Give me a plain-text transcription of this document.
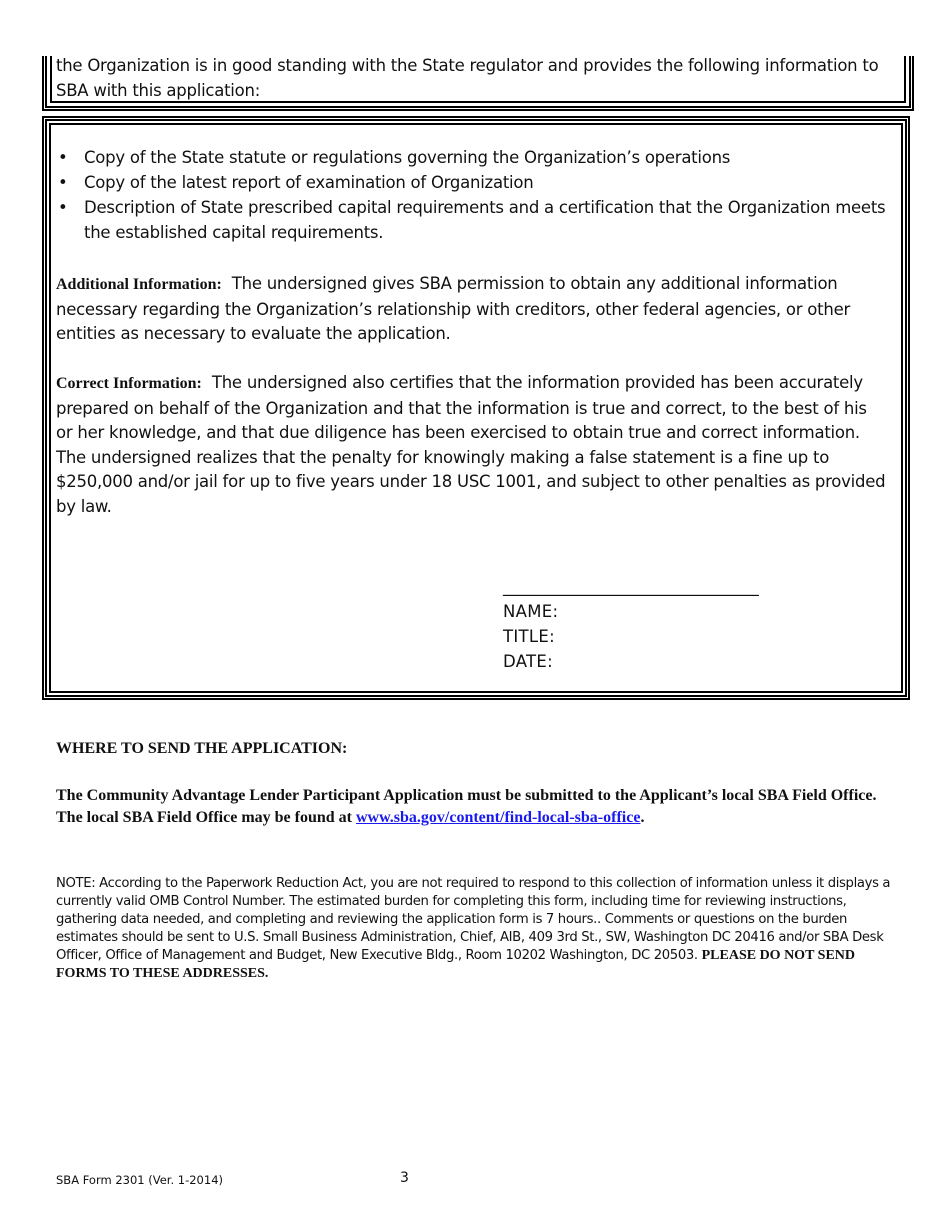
the Organization is in good standing with the State regulator and provides the following information to SBA with this application:
• Copy of the State statute or regulations governing the Organization’s operations
• Copy of the latest report of examination of Organization
• Description of State prescribed capital requirements and a certification that the Organization meets the established capital requirements.
Additional Information: The undersigned gives SBA permission to obtain any additional information necessary regarding the Organization’s relationship with creditors, other federal agencies, or other entities as necessary to evaluate the application.
Correct Information: The undersigned also certifies that the information provided has been accurately prepared on behalf of the Organization and that the information is true and correct, to the best of his or her knowledge, and that due diligence has been exercised to obtain true and correct information. The undersigned realizes that the penalty for knowingly making a false statement is a fine up to $250,000 and/or jail for up to five years under 18 USC 1001, and subject to other penalties as provided by law.
_______________________________
NAME:
TITLE:
DATE:
WHERE TO SEND THE APPLICATION:
The Community Advantage Lender Participant Application must be submitted to the Applicant’s local SBA Field Office. The local SBA Field Office may be found at www.sba.gov/content/find-local-sba-office.
NOTE: According to the Paperwork Reduction Act, you are not required to respond to this collection of information unless it displays a currently valid OMB Control Number. The estimated burden for completing this form, including time for reviewing instructions, gathering data needed, and completing and reviewing the application form is 7 hours.. Comments or questions on the burden estimates should be sent to U.S. Small Business Administration, Chief, AIB, 409 3rd St., SW, Washington DC 20416 and/or SBA Desk Officer, Office of Management and Budget, New Executive Bldg., Room 10202 Washington, DC 20503. PLEASE DO NOT SEND FORMS TO THESE ADDRESSES.
SBA Form 2301 (Ver. 1-2014)	3
